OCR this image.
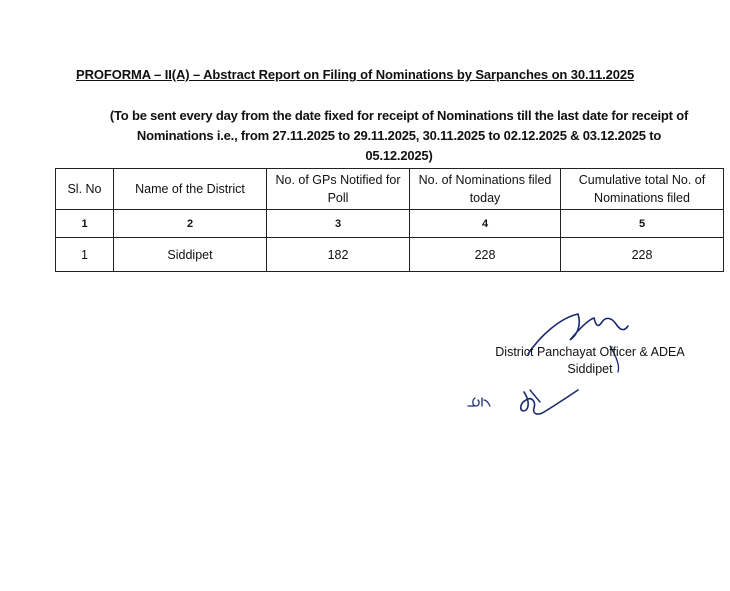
PROFORMA – II(A) – Abstract Report on Filing of Nominations by Sarpanches on 30.11.2025
(To be sent every day from the date fixed for receipt of Nominations till the last date for receipt of
Nominations i.e., from 27.11.2025 to 29.11.2025, 30.11.2025 to 02.12.2025 & 03.12.2025 to
05.12.2025)
Sl. No	Name of the District	No. of GPs Notified for Poll	No. of Nominations filed today	Cumulative total No. of Nominations filed
1	2	3	4	5
1	Siddipet	182	228	228
District Panchayat Officer & ADEA
Siddipet
